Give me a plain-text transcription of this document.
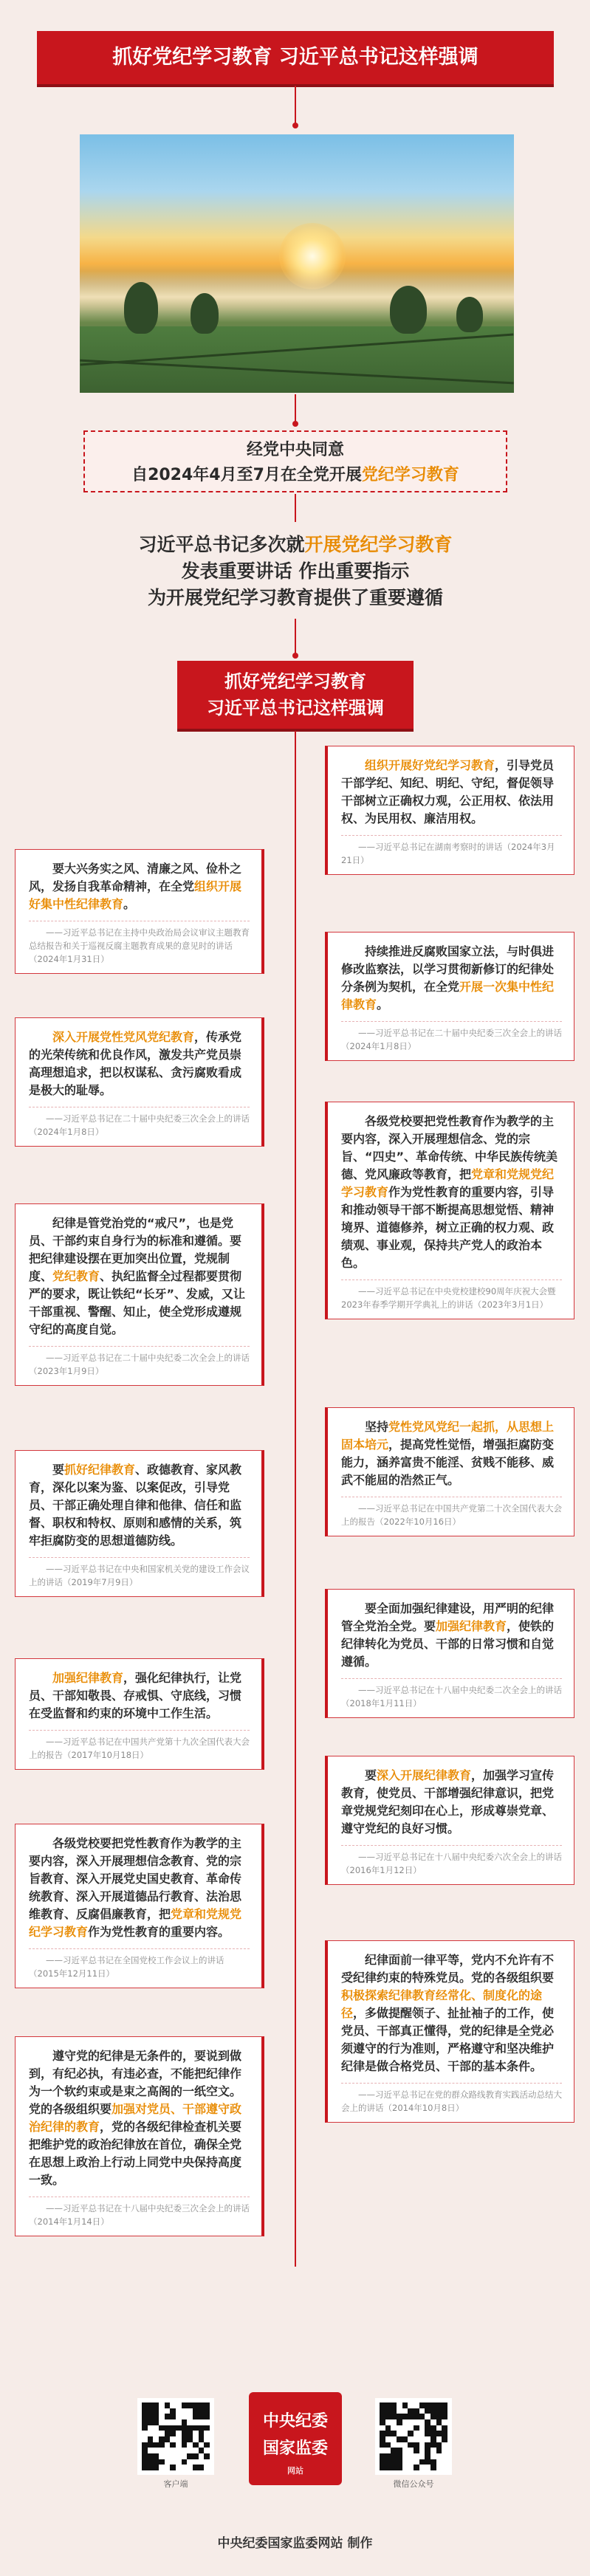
抓好党纪学习教育 习近平总书记这样强调
经党中央同意
自2024年4月至7月在全党开展党纪学习教育
习近平总书记多次就开展党纪学习教育
发表重要讲话 作出重要指示
为开展党纪学习教育提供了重要遵循
抓好党纪学习教育
习近平总书记这样强调
组织开展好党纪学习教育，引导党员干部学纪、知纪、明纪、守纪，督促领导干部树立正确权力观，公正用权、依法用权、为民用权、廉洁用权。
——习近平总书记在湖南考察时的讲话（2024年3月21日）
持续推进反腐败国家立法，与时俱进修改监察法，以学习贯彻新修订的纪律处分条例为契机，在全党开展一次集中性纪律教育。
——习近平总书记在二十届中央纪委三次全会上的讲话（2024年1月8日）
各级党校要把党性教育作为教学的主要内容，深入开展理想信念、党的宗旨、“四史”、革命传统、中华民族传统美德、党风廉政等教育，把党章和党规党纪学习教育作为党性教育的重要内容，引导和推动领导干部不断提高思想觉悟、精神境界、道德修养，树立正确的权力观、政绩观、事业观，保持共产党人的政治本色。
——习近平总书记在中央党校建校90周年庆祝大会暨2023年春季学期开学典礼上的讲话（2023年3月1日）
坚持党性党风党纪一起抓，从思想上固本培元，提高党性觉悟，增强拒腐防变能力，涵养富贵不能淫、贫贱不能移、威武不能屈的浩然正气。
——习近平总书记在中国共产党第二十次全国代表大会上的报告（2022年10月16日）
要全面加强纪律建设，用严明的纪律管全党治全党。要加强纪律教育，使铁的纪律转化为党员、干部的日常习惯和自觉遵循。
——习近平总书记在十八届中央纪委二次全会上的讲话（2018年1月11日）
要深入开展纪律教育，加强学习宣传教育，使党员、干部增强纪律意识，把党章党规党纪刻印在心上，形成尊崇党章、遵守党纪的良好习惯。
——习近平总书记在十八届中央纪委六次全会上的讲话（2016年1月12日）
纪律面前一律平等，党内不允许有不受纪律约束的特殊党员。党的各级组织要积极探索纪律教育经常化、制度化的途径，多做提醒领子、扯扯袖子的工作，使党员、干部真正懂得，党的纪律是全党必须遵守的行为准则，严格遵守和坚决维护纪律是做合格党员、干部的基本条件。
——习近平总书记在党的群众路线教育实践活动总结大会上的讲话（2014年10月8日）
要大兴务实之风、清廉之风、俭朴之风，发扬自我革命精神，在全党组织开展好集中性纪律教育。
——习近平总书记在主持中央政治局会议审议主题教育总结报告和关于巡视反腐主题教育成果的意见时的讲话（2024年1月31日）
深入开展党性党风党纪教育，传承党的光荣传统和优良作风，激发共产党员崇高理想追求，把以权谋私、贪污腐败看成是极大的耻辱。
——习近平总书记在二十届中央纪委三次全会上的讲话（2024年1月8日）
纪律是管党治党的“戒尺”，也是党员、干部约束自身行为的标准和遵循。要把纪律建设摆在更加突出位置，党规制度、党纪教育、执纪监督全过程都要贯彻严的要求，既让铁纪“长牙”、发威，又让干部重视、警醒、知止，使全党形成遵规守纪的高度自觉。
——习近平总书记在二十届中央纪委二次全会上的讲话（2023年1月9日）
要抓好纪律教育、政德教育、家风教育，深化以案为鉴、以案促改，引导党员、干部正确处理自律和他律、信任和监督、职权和特权、原则和感情的关系，筑牢拒腐防变的思想道德防线。
——习近平总书记在中央和国家机关党的建设工作会议上的讲话（2019年7月9日）
加强纪律教育，强化纪律执行，让党员、干部知敬畏、存戒惧、守底线，习惯在受监督和约束的环境中工作生活。
——习近平总书记在中国共产党第十九次全国代表大会上的报告（2017年10月18日）
各级党校要把党性教育作为教学的主要内容，深入开展理想信念教育、党的宗旨教育、深入开展党史国史教育、革命传统教育、深入开展道德品行教育、法治思维教育、反腐倡廉教育，把党章和党规党纪学习教育作为党性教育的重要内容。
——习近平总书记在全国党校工作会议上的讲话（2015年12月11日）
遵守党的纪律是无条件的，要说到做到，有纪必执，有违必查，不能把纪律作为一个软约束或是束之高阁的一纸空文。党的各级组织要加强对党员、干部遵守政治纪律的教育，党的各级纪律检查机关要把维护党的政治纪律放在首位，确保全党在思想上政治上行动上同党中央保持高度一致。
——习近平总书记在十八届中央纪委三次全会上的讲话（2014年1月14日）
客户端
中央纪委
国家监委
网站
微信公众号
中央纪委国家监委网站 制作
